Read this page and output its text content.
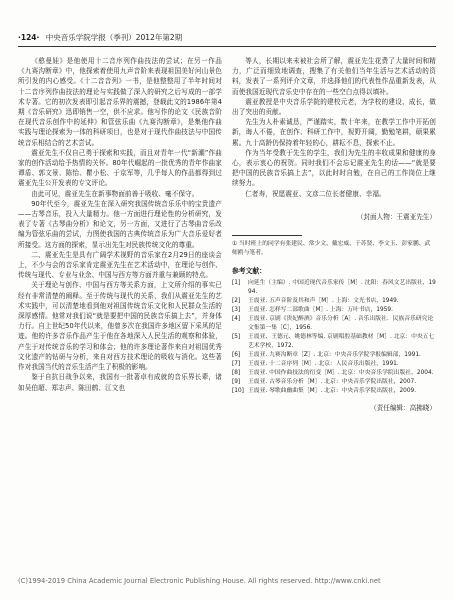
·124· 中央音乐学院学报（季刊）2012年第2期

《憨曼娃》是他使用十二音序列作曲技法的尝试；在另一作品《九赛沟断章》中，他探索着使用九声音阶来表现祖国美好河山景色所引发的内心感受。《十二音音列》一书，是他整整用了半年时间对十二音序列作曲技法的理论与实践做了深入的研究之后写成的一部学术专著。它的初次发表即引起音乐界的震撼，登载此文的1986年第4期《音乐研究》迅即销售一空，供不应求。他写作的论文《民族音阶在现代音乐创作中的延伸》和管弦乐曲《九赛沟断章》，是集他作曲实践与理论探索为一体的科研项目，也是对于现代作曲技法与中国传统音乐相结合的艺术尝试。

震亚先生不仅自己勇于探索和实践，而且对青年一代“新潮”作曲家的创作活动给予热情的关怀。80年代崛起的一批优秀的青年作曲家谭盾、郭文景、陈怡、瞿小松、于京军等，几乎每人的作品都得到过震亚先生公开发表的专文评论。

由此可见，震亚先生在新事物面前善于吸收、毫不保守。

90年代至今，震亚先生在深入研究我国传统音乐乐中的宝贵遗产——古琴音乐，投入大量精力。他一方面进行理论性的分析研究，发表了专著《古琴曲分析》和论文，另一方面，又进行了古琴曲音乐改编为管弦乐曲的尝试，力图使我国的古典传统音乐为广大音乐爱好者所接受。这方面的探索，显示出先生对民族传统文化的尊重。

二、震亚先生是具有广阔学术视野的音乐家在2月29日的座谈会上，不少与会的音乐家肯定震亚先生在艺术活动中，在理论与创作、传统与现代、专业与业余、中国与西方等方面并重与兼顾的特点。

关于理论与创作、中国与西方等关系方面，上文所介绍的事实已经有非常清楚的阐释。至于传统与现代的关系，我们从震亚先生的艺术实践中，可以清楚地看到他对祖国传统音乐文化和人民群众生活的深厚感情。他常对我们说“就是要把中国的民族音乐搞上去”，并身体力行。自上世纪50年代以来，他曾多次在我国许多地区留下采风的足迹。他的许多音乐作品产生于他在各地深入人民生活的观察和体验，产生于对传统音乐的学习和体会；他的许多理论著作来自对祖国优秀文化遗产的钻研与分析，来自对西方技术理论的吸收与消化。这些著作对我国当代的音乐生活产生了积极的影响。

鉴于自抗日战争以来，我国有一批著卓有成就的音乐界长辈，诸如吴伯超、郑志声、陈田鹤、江文也

等人，长期以来未被社会所了解，震亚先生花费了大量时间和精力，广泛而细致地调查，搜集了有关他们当年生活与艺术活动的资料，发表了一系列评介文章，并选择他们的代表性作品重新发表，从而使我国近现代音乐史中存在的一些空白点得以填补。

震亚教授是中央音乐学院的建校元老，为学校的建设、成长，做出了突出的贡献。

先生为人朴素诚恳，严谨踏实，数十年来，在教学工作中开拓创新，诲人不倦，在创作、科研工作中，视野开阔，勤勉笔耕，硕果累累。九十高龄仍保持着年轻的心，耕耘不息，探索不止。

作为当年受教于先生的学生，我们为先生的丰收成果和健康的身心，表示衷心的祝贺。同时我们不会忘记震亚先生的话——“就是要把中国的民族音乐搞上去”，以此时时自勉，在自己的工作岗位上继续努力。

仁者寿，祝愿震亚、文彦二位长者健康、幸福。

（封面人物：王震亚先生）

① 当时班上的同学有张建民、常少文、戴宏威、于苏贤、李文玉、彭家鹏、武师鸥与笔者。

参考文献：
[1]	向延生（主编）. 中国近现代音乐家传［M］. 沈阳：春风文艺出版社，1994.
[2]	王震亚. 五声音阶及其和声［M］. 上海：文光书店，1949.
[3]	王震亚. 怎样写二部歌曲［M］. 上海：万叶书店，1959.
[4]	王震亚. 京剧《贵妃醉酒》音乐分析［A］. 音乐出版社．民族音乐研究论文集第一集［C］，1956.
[5]	王震亚、王德元、姚德林等编. 京剧唱腔基础教材［M］. 北京：中央五七艺术学校，1972.
[6]	王震亚. 九赛沟断章［Z］. 北京：中央音乐学院学报编辑部，1991.
[7]	王震亚. 十二音序列［M］. 北京：人民音乐出版社，1991.
[8]	王震亚. 中国作曲技法的衍变［M］. 北京：中央音乐学院出版社，2004.
[9]	王震亚. 古琴音乐分析［M］. 北京：中央音乐学院出版社，2007.
[10] 王震亚. 琴歌曲幽曲集［M］. 北京：中央音乐学院出版社，2009.
（责任编辑：高拂晓）
(C)1994-2019 China Academic Journal Electronic Publishing House. All rights reserved. http://www.cnki.net
